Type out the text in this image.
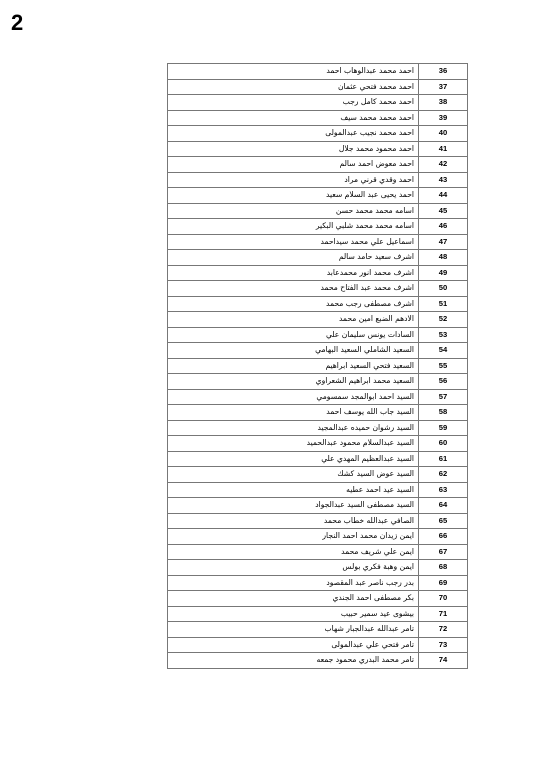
2
احمد محمد عبدالوهاب احمد	36
احمد محمد فتحي عثمان	37
احمد محمد كامل رجب	38
احمد محمد محمد سيف	39
احمد محمد نجيب عبدالمولى	40
احمد محمود محمد جلال	41
احمد معوض احمد سالم	42
احمد وقدي قرني مراد	43
احمد يحيى عبد السلام سعيد	44
اسامه محمد محمد حسن	45
اسامه محمد محمد شلبي البكير	46
اسماعيل علي محمد سيداحمد	47
اشرف سعيد حامد سالم	48
اشرف محمد انور محمدعابد	49
اشرف محمد عبد الفتاح محمد	50
اشرف مصطفى رجب محمد	51
الادهم الضبع امين محمد	52
السادات يونس سليمان علي	53
السعيد الشاملي السعيد البهامي	54
السعيد فتحي السعيد ابراهيم	55
السعيد محمد ابراهيم الشعراوي	56
السيد احمد ابوالمجد سمسومي	57
السيد جاب الله يوسف احمد	58
السيد رشوان حميده عبدالمجيد	59
السيد عبدالسلام محمود عبدالحميد	60
السيد عبدالعظيم المهدي علي	61
السيد عوض السيد كشك	62
السيد عيد احمد عطيه	63
السيد مصطفى السيد عبدالجواد	64
الصافي عبدالله خطاب محمد	65
ايمن زيدان محمد احمد النجار	66
ايمن علي شريف محمد	67
ايمن وهبة فكري بولس	68
بدر رجب ناصر عبد المقصود	69
بكر مصطفى احمد الجندي	70
بيشوى عيد سمير حبيب	71
تامر عبدالله عبدالجبار شهاب	72
تامر فتحي علي عبدالمولى	73
تامر محمد البدري محمود جمعه	74
